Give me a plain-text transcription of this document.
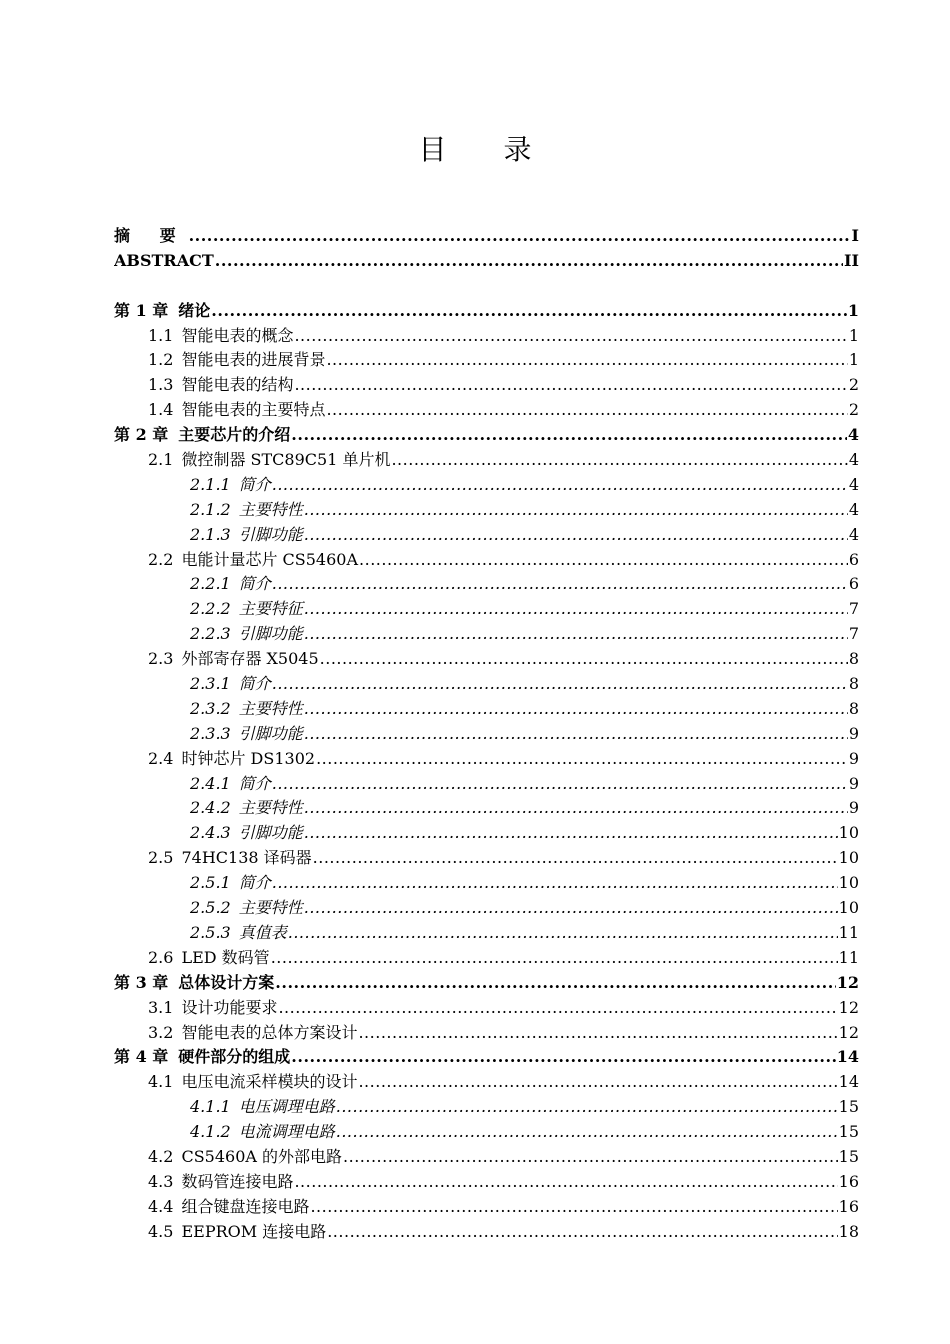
目 录
摘 要 .....	I
ABSTRACT .....	II
第 1 章 绪论 .....	1
1.1 智能电表的概念 .....	1
1.2 智能电表的进展背景 .....	1
1.3 智能电表的结构 .....	2
1.4 智能电表的主要特点 .....	2
第 2 章 主要芯片的介绍 .....	4
2.1 微控制器 STC89C51 单片机 .....	4
2.1.1 简介 .....	4
2.1.2 主要特性 .....	4
2.1.3 引脚功能 .....	4
2.2 电能计量芯片 CS5460A .....	6
2.2.1 简介 .....	6
2.2.2 主要特征 .....	7
2.2.3 引脚功能 .....	7
2.3 外部寄存器 X5045 .....	8
2.3.1 简介 .....	8
2.3.2 主要特性 .....	8
2.3.3 引脚功能 .....	9
2.4 时钟芯片 DS1302 .....	9
2.4.1 简介 .....	9
2.4.2 主要特性 .....	9
2.4.3 引脚功能 .....	10
2.5 74HC138 译码器 .....	10
2.5.1 简介 .....	10
2.5.2 主要特性 .....	10
2.5.3 真值表 .....	11
2.6 LED 数码管 .....	11
第 3 章 总体设计方案 .....	12
3.1 设计功能要求 .....	12
3.2 智能电表的总体方案设计 .....	12
第 4 章 硬件部分的组成 .....	14
4.1 电压电流采样模块的设计 .....	14
4.1.1 电压调理电路 .....	15
4.1.2 电流调理电路 .....	15
4.2 CS5460A 的外部电路 .....	15
4.3 数码管连接电路 .....	16
4.4 组合键盘连接电路 .....	16
4.5 EEPROM 连接电路 .....	18
